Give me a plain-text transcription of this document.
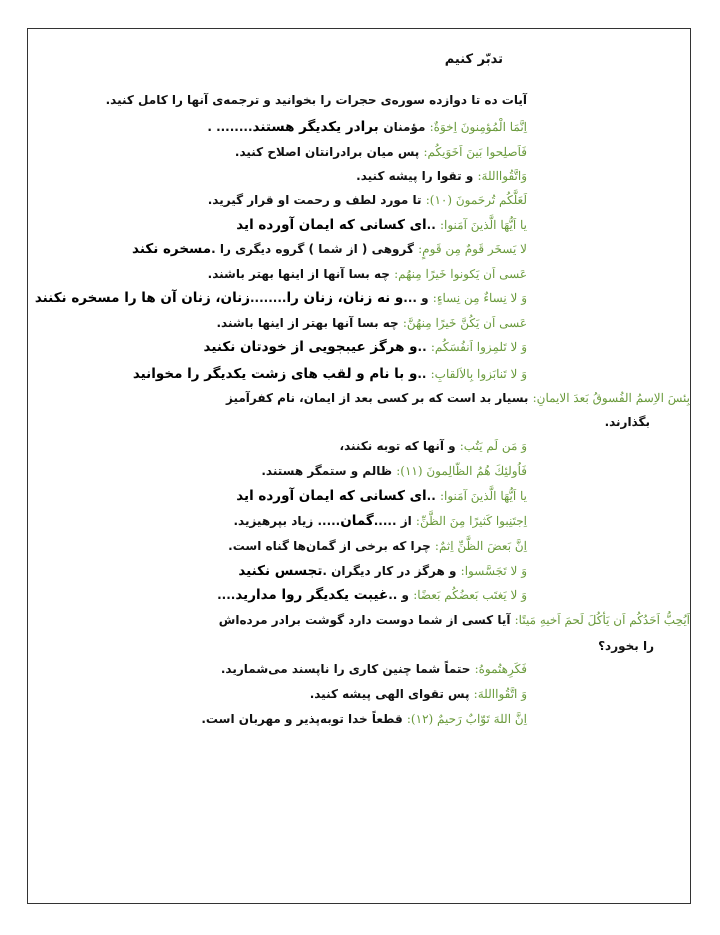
تدبّر کنیم
آیات ده تا دوازده سوره‌ی حجرات را بخوانید و ترجمه‌ی آنها را کامل کنید.
اِنَّمَا الْمُؤمِنونَ اِخوَةٌ: مؤمنان برادر یکدیگر هستند........ .
فَاَصلِحوا بَینَ اَخَوَیکُم: پس میان برادرانتان اصلاح کنید.
وَاتَّقُوااللهَ: و تقوا را پیشه کنید.
لَعَلَّكُم تُرحَمونَ (١٠): تا مورد لطف و رحمت او قرار گیرید.
یا اَیُّهَا الَّذینَ آمَنوا: ..ای کسانی که ایمان آورده اید
لا یَسخَر قَومٌ مِن قَومٍ: گروهی ( از شما ) گروه دیگری را .مسخره نکند
عَسی اَن یَكونوا خَیرًا مِنهُم: چه بسا آنها از اینها بهتر باشند.
وَ لا نِساءٌ مِن نِساءٍ: و ...و نه زنان، زنان را........زنان، زنان آن ها را مسخره نکنند
عَسی اَن یَكُنَّ خَیرًا مِنهُنَّ: چه بسا آنها بهتر از اینها باشند.
وَ لا تَلمِزوا اَنفُسَكُم: ..و هرگز عیبجویی از خودتان نکنید
وَ لا تَنابَزوا بِالاَلقابِ: ..و با نام و لقب های زشت یکدیگر را مخوانید
بِئسَ الاِسمُ الفُسوقُ بَعدَ الایمانِ: بسیار بد است که بر کسی بعد از ایمان، نام کفرآمیز
بگذارند.
وَ مَن لَم یَتُب: و آنها که توبه نکنند،
فَاُولئِكَ هُمُ الظّالِمونَ (١١): ظالم و ستمگر هستند.
یا اَیُّهَا الَّذینَ آمَنوا: ..ای کسانی که ایمان آورده اید
اِجتَنِبوا كَثیرًا مِنَ الظَّنِّ: از .....گمان..... زیاد بپرهیزید.
اِنَّ بَعضَ الظَّنِّ اِثمٌ: چرا که برخی از گمان‌ها گناه است.
وَ لا تَجَسَّسوا: و هرگز در کار دیگران .تجسس نکنید
وَ لا یَغتَب بَعضُكُم بَعضًا: و ..غیبت یکدیگر روا مدارید....
اَیُحِبُّ اَحَدُكُم اَن یَأكُلَ لَحمَ اَخیهِ مَیتًا: آیا کسی از شما دوست دارد گوشت برادر مرده‌اش
را بخورد؟
فَكَرِهتُموهُ: حتماً شما چنین کاری را ناپسند می‌شمارید.
وَ اتَّقُوااللهَ: پس تقوای الهی پیشه کنید.
اِنَّ اللهَ تَوّابٌ رَحیمٌ (١٢): قطعاً خدا توبه‌پذیر و مهربان است.
